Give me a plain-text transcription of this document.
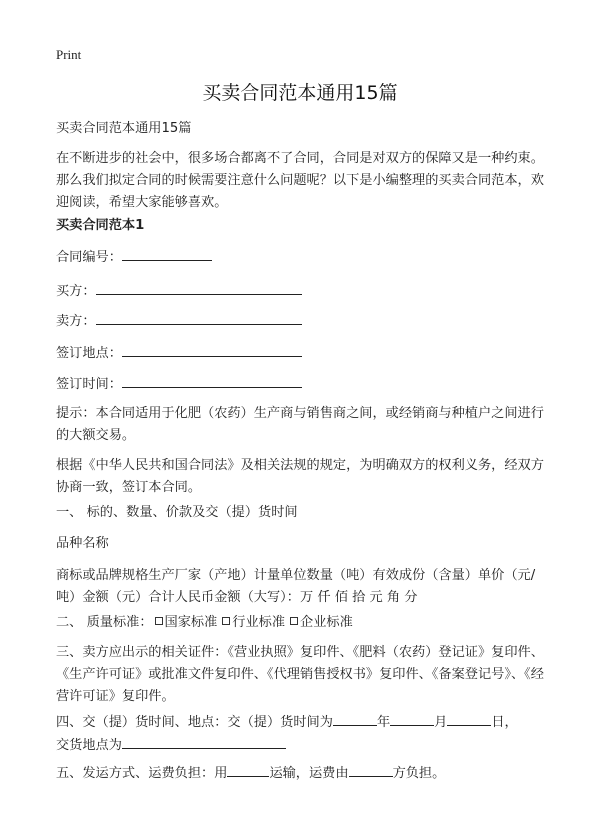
Print
买卖合同范本通用15篇

买卖合同范本通用15篇

在不断进步的社会中，很多场合都离不了合同，合同是对双方的保障又是一种约束。那么我们拟定合同的时候需要注意什么问题呢？以下是小编整理的买卖合同范本，欢迎阅读，希望大家能够喜欢。

买卖合同范本1

合同编号：
买方：
卖方：
签订地点：
签订时间：

提示：本合同适用于化肥（农药）生产商与销售商之间，或经销商与种植户之间进行的大额交易。

根据《中华人民共和国合同法》及相关法规的规定，为明确双方的权利义务，经双方协商一致，签订本合同。

一、 标的、数量、价款及交（提）货时间

品种名称

商标或品牌规格生产厂家（产地）计量单位数量（吨）有效成份（含量）单价（元/吨）金额（元）合计人民币金额（大写）：万 仟 佰 拾 元 角 分

二、 质量标准： 国家标准 行业标准 企业标准

三、卖方应出示的相关证件：《营业执照》复印件、《肥料（农药）登记证》复印件、《生产许可证》或批准文件复印件、《代理销售授权书》复印件、《备案登记号》、《经营许可证》复印件。

四、交（提）货时间、地点：交（提）货时间为	年	月	日，
交货地点为
五、发运方式、运费负担：用	运输，运费由	方负担。
